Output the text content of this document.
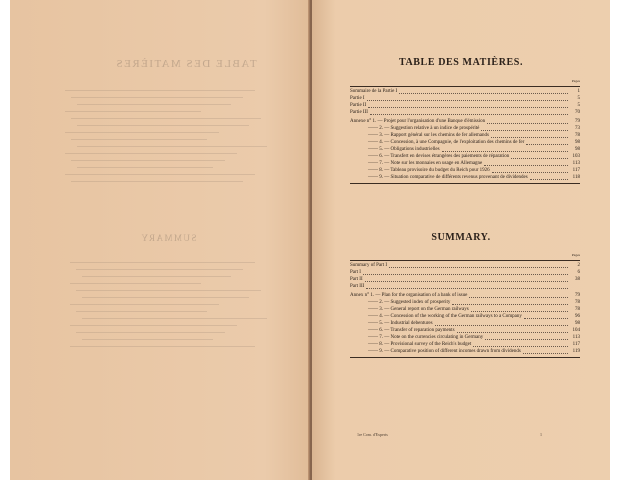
TABLE DES MATIÈRES
SUMMARY
TABLE DES MATIÈRES.
Pages
Sommaire de la Partie I	1
Partie I	5
Partie II	5
Partie III	70
Annexe n° 1. — Projet pour l'organisation d'une Banque d'émission	79
—— 2. — Suggestion relative à un indice de prospérité	73
—— 3. — Rapport général sur les chemins de fer allemands	78
—— 4. — Concession, à une Compagnie, de l'exploitation des chemins de fer	98
—— 5. — Obligations industrielles	98
—— 6. — Transfert en devises étrangères des paiements de réparation	103
—— 7. — Note sur les monnaies en usage en Allemagne	113
—— 8. — Tableau provisoire du budget du Reich pour 1926	117
—— 9. — Situation comparative de différents revenus provenant de dividendes	118
SUMMARY.
Pages
Summary of Part I	2
Part I	6
Part II	38
Part III
Annex n° 1. — Plan for the organisation of a bank of issue	79
—— 2. — Suggested index of prosperity	78
—— 3. — General report on the German railways	78
—— 4. — Concession of the working of the German railways to a Company	96
—— 5. — Industrial debentures	98
—— 6. — Transfer of reparation payments	104
—— 7. — Note on the currencies circulating in Germany	113
—— 8. — Provisional survey of the Reich's budget	117
—— 9. — Comparative position of different incomes drawn from dividends	119
1re Com. d'Experts	1
